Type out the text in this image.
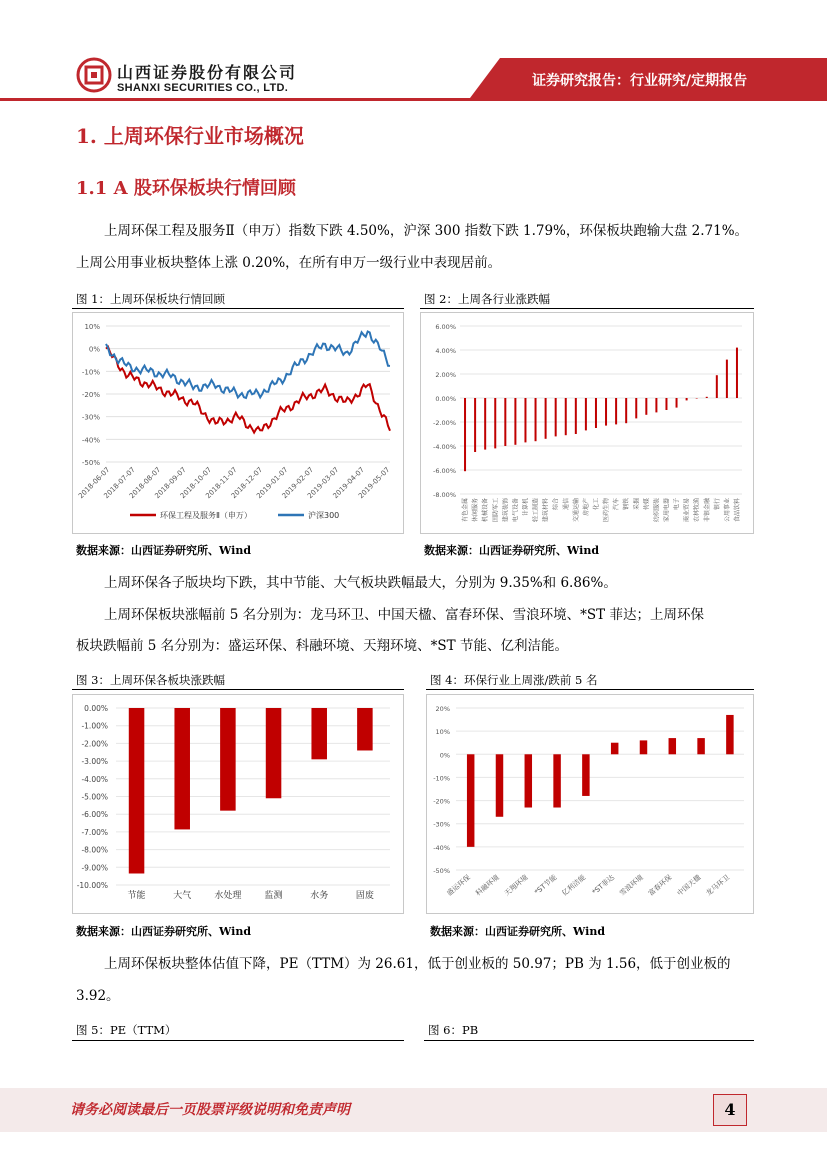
山西证券股份有限公司
SHANXI SECURITIES CO., LTD.	证券研究报告：行业研究/定期报告
1. 上周环保行业市场概况
1.1 A 股环保板块行情回顾
上周环保工程及服务Ⅱ（申万）指数下跌 4.50%，沪深 300 指数下跌 1.79%，环保板块跑输大盘 2.71%。
上周公用事业板块整体上涨 0.20%，在所有申万一级行业中表现居前。
图 1：上周环保板块行情回顾	图 2：上周各行业涨跌幅
10%
0%
-10%
-20%
-30%
-40%
-50%
2018-06-07
2018-07-07
2018-08-07
2018-09-07
2018-10-07
2018-11-07
2018-12-07
2019-01-07
2019-02-07
2019-03-07
2019-04-07
2019-05-07
环保工程及服务Ⅱ（申万）	沪深300
6.00%
4.00%
2.00%
0.00%
-2.00%
-4.00%
-6.00%
-8.00%
有色金属 休闲服务 机械设备 国防军工 建筑装饰 电气设备 计算机 轻工制造 建筑材料 综合 通信 交通运输 房地产 化工 医药生物 汽车 钢铁 采掘 传媒 纺织服装 家用电器 电子 商业贸易 农林牧渔 非银金融 银行 公用事业 食品饮料
数据来源：山西证券研究所、Wind	数据来源：山西证券研究所、Wind
上周环保各子版块均下跌，其中节能、大气板块跌幅最大，分别为 9.35%和 6.86%。
上周环保板块涨幅前 5 名分别为：龙马环卫、中国天楹、富春环保、雪浪环境、*ST 菲达；上周环保
板块跌幅前 5 名分别为：盛运环保、科融环境、天翔环境、*ST 节能、亿利洁能。
图 3：上周环保各板块涨跌幅	图 4：环保行业上周涨/跌前 5 名
0.00%
-1.00%
-2.00%
-3.00%
-4.00%
-5.00%
-6.00%
-7.00%
-8.00%
-9.00%
-10.00%
节能	大气	水处理	监测	水务	固废
20%
10%
0%
-10%
-20%
-30%
-40%
-50%
盛运环保 科融环境 天翔环境 *ST节能 亿利洁能 *ST菲达 雪浪环境 富春环保 中国天楹 龙马环卫
数据来源：山西证券研究所、Wind	数据来源：山西证券研究所、Wind
上周环保板块整体估值下降，PE（TTM）为 26.61，低于创业板的 50.97；PB 为 1.56，低于创业板的
3.92。
图 5：PE（TTM）	图 6：PB
请务必阅读最后一页股票评级说明和免责声明	4
